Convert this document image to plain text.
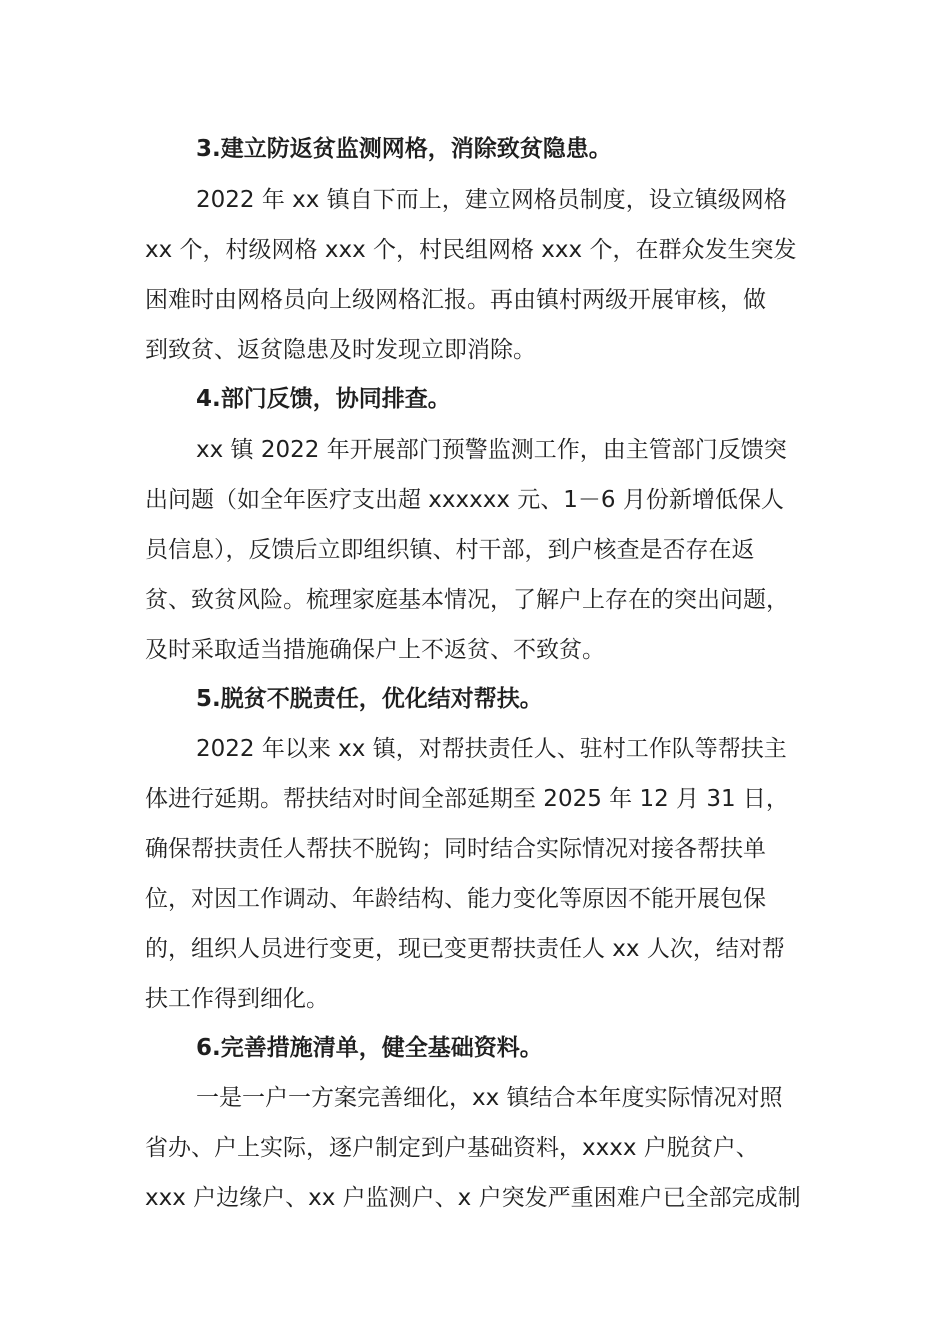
3.建立防返贫监测网格，消除致贫隐患。
2022 年 xx 镇自下而上，建立网格员制度，设立镇级网格
xx 个，村级网格 xxx 个，村民组网格 xxx 个，在群众发生突发
困难时由网格员向上级网格汇报。再由镇村两级开展审核，做
到致贫、返贫隐患及时发现立即消除。
4.部门反馈，协同排查。
xx 镇 2022 年开展部门预警监测工作，由主管部门反馈突
出问题（如全年医疗支出超 xxxxxx 元、1－6 月份新增低保人
员信息），反馈后立即组织镇、村干部，到户核查是否存在返
贫、致贫风险。梳理家庭基本情况，了解户上存在的突出问题，
及时采取适当措施确保户上不返贫、不致贫。
5.脱贫不脱责任，优化结对帮扶。
2022 年以来 xx 镇，对帮扶责任人、驻村工作队等帮扶主
体进行延期。帮扶结对时间全部延期至 2025 年 12 月 31 日，
确保帮扶责任人帮扶不脱钩；同时结合实际情况对接各帮扶单
位，对因工作调动、年龄结构、能力变化等原因不能开展包保
的，组织人员进行变更，现已变更帮扶责任人 xx 人次，结对帮
扶工作得到细化。
6.完善措施清单，健全基础资料。
一是一户一方案完善细化，xx 镇结合本年度实际情况对照
省办、户上实际，逐户制定到户基础资料，xxxx 户脱贫户、
xxx 户边缘户、xx 户监测户、x 户突发严重困难户已全部完成制
